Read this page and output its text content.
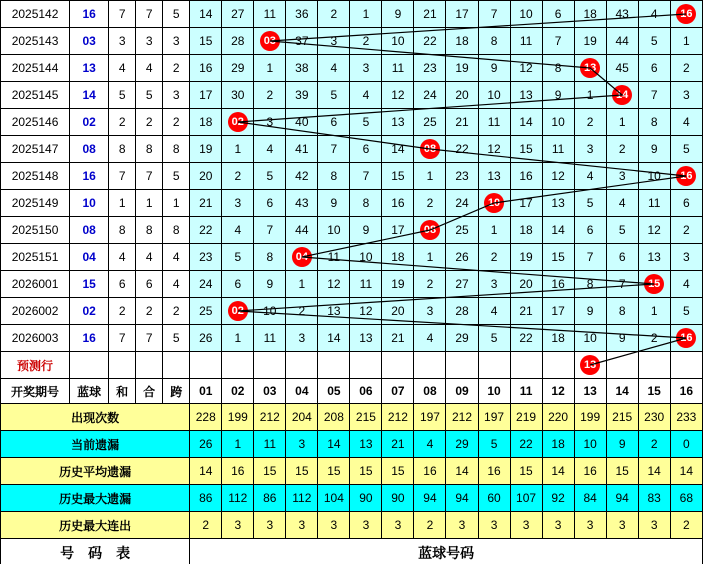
2025142	16	7	7	5	14	27	11	36	2	1	9	21	17	7	10	6	18	43	4	16
2025143	03	3	3	3	15	28	03	37	3	2	10	22	18	8	11	7	19	44	5	1
2025144	13	4	4	2	16	29	1	38	4	3	11	23	19	9	12	8	13	45	6	2
2025145	14	5	5	3	17	30	2	39	5	4	12	24	20	10	13	9	1	14	7	3
2025146	02	2	2	2	18	02	3	40	6	5	13	25	21	11	14	10	2	1	8	4
2025147	08	8	8	8	19	1	4	41	7	6	14	08	22	12	15	11	3	2	9	5
2025148	16	7	7	5	20	2	5	42	8	7	15	1	23	13	16	12	4	3	10	16
2025149	10	1	1	1	21	3	6	43	9	8	16	2	24	10	17	13	5	4	11	6
2025150	08	8	8	8	22	4	7	44	10	9	17	08	25	1	18	14	6	5	12	2
2025151	04	4	4	4	23	5	8	04	11	10	18	1	26	2	19	15	7	6	13	3
2026001	15	6	6	4	24	6	9	1	12	11	19	2	27	3	20	16	8	7	15	4
2026002	02	2	2	2	25	02	10	2	13	12	20	3	28	4	21	17	9	8	1	5
2026003	16	7	7	5	26	1	11	3	14	13	21	4	29	5	22	18	10	9	2	16
预测行																	13			
开奖期号	蓝球	和	合	跨	01	02	03	04	05	06	07	08	09	10	11	12	13	14	15	16
出现次数					228	199	212	204	208	215	212	197	212	197	219	220	199	215	230	233
当前遗漏					26	1	11	3	14	13	21	4	29	5	22	18	10	9	2	0
历史平均遗漏					14	16	15	15	15	15	15	16	14	16	15	14	16	15	14	14
历史最大遗漏					86	112	86	112	104	90	90	94	94	60	107	92	84	94	83	68
历史最大连出					2	3	3	3	3	3	3	2	3	3	3	3	3	3	3	2
号　码　表					蓝球号码															
